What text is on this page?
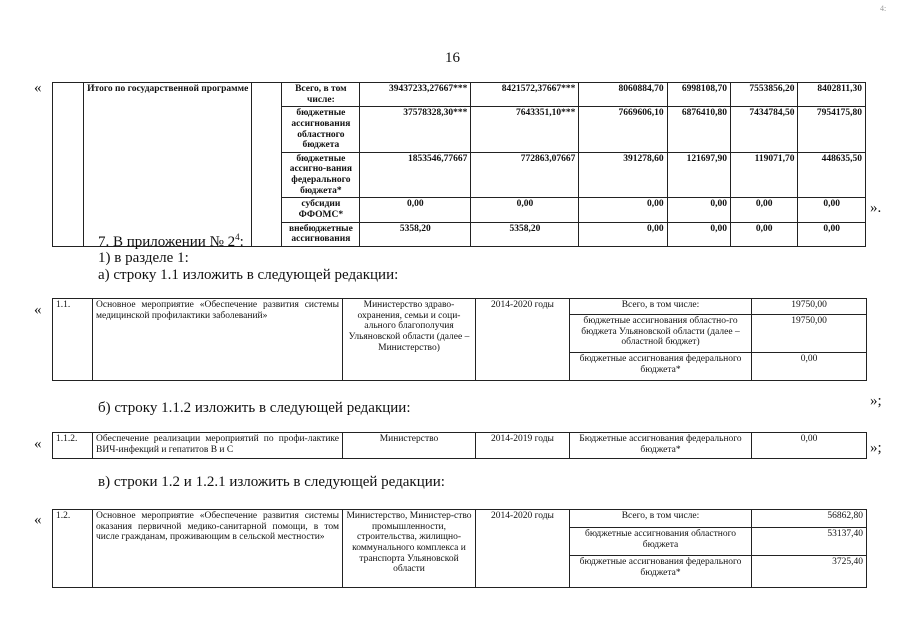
4:
16
«
		Итого по государственной программе		Всего, в том числе:	39437233,27667***	8421572,37667***	8060884,70	6998108,70	7553856,20	8402811,30
			бюджетные ассигнования областного бюджета	37578328,30***	7643351,10***	7669606,10	6876410,80	7434784,50	7954175,80
			бюджетные ассигно-вания федерального бюджета*	1853546,77667	772863,07667	391278,60	121697,90	119071,70	448635,50
			субсидии ФФОМС*	0,00	0,00	0,00	0,00	0,00	0,00
			внебюджетные ассигнования	5358,20	5358,20	0,00	0,00	0,00	0,00
».
7. В приложении № $2^4$:
1) в разделе 1:
а) строку 1.1 изложить в следующей редакции:
« 1.1.	Основное мероприятие «Обеспечение развития системы медицинской профилактики заболеваний»	Министерство здраво-охранения, семьи и соци-ального благополучия Ульяновской области (далее – Министерство)	2014-2020 годы	Всего, в том числе:	19750,00
				бюджетные ассигнования областно-го бюджета Ульяновской области (далее – областной бюджет)	19750,00
				бюджетные ассигнования федерального бюджета*	0,00
»;
б) строку 1.1.2 изложить в следующей редакции:
« 1.1.2.	Обеспечение реализации мероприятий по профи-лактике ВИЧ-инфекций и гепатитов В и С	Министерство	2014-2019 годы	Бюджетные ассигнования федерального бюджета*	0,00
»;
в) строки 1.2 и 1.2.1 изложить в следующей редакции:
« 1.2.	Основное мероприятие «Обеспечение развития системы оказания первичной медико-санитарной помощи, в том числе гражданам, проживающим в сельской местности»	Министерство, Министер-ство промышленности, строительства, жилищно-коммунального комплекса и транспорта Ульяновской области	2014-2020 годы	Всего, в том числе:	56862,80
				бюджетные ассигнования областного бюджета	53137,40
				бюджетные ассигнования федерального бюджета*	3725,40
